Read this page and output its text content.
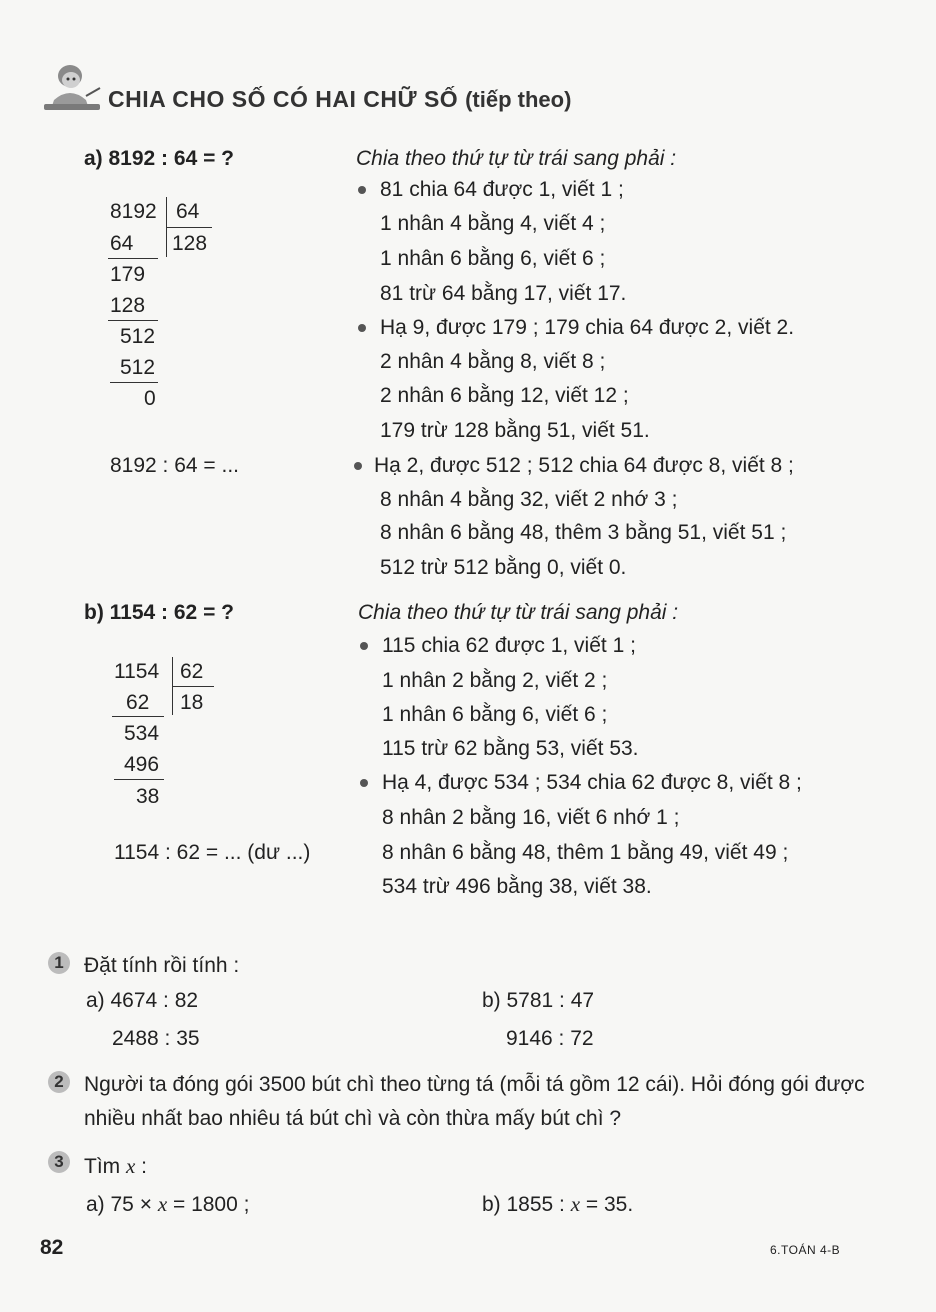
CHIA CHO SỐ CÓ HAI CHỮ SỐ (tiếp theo)
a) 8192 : 64 = ?
8192 64
128
64
179
128
512
512
0
8192 : 64 = ...
Chia theo thứ tự từ trái sang phải :
81 chia 64 được 1, viết 1 ;
1 nhân 4 bằng 4, viết 4 ;
1 nhân 6 bằng 6, viết 6 ;
81 trừ 64 bằng 17, viết 17.
Hạ 9, được 179 ; 179 chia 64 được 2, viết 2.
2 nhân 4 bằng 8, viết 8 ;
2 nhân 6 bằng 12, viết 12 ;
179 trừ 128 bằng 51, viết 51.
Hạ 2, được 512 ; 512 chia 64 được 8, viết 8 ;
8 nhân 4 bằng 32, viết 2 nhớ 3 ;
8 nhân 6 bằng 48, thêm 3 bằng 51, viết 51 ;
512 trừ 512 bằng 0, viết 0.
b) 1154 : 62 = ?
1154 62
18
62
534
496
38
1154 : 62 = ... (dư ...)
Chia theo thứ tự từ trái sang phải :
115 chia 62 được 1, viết 1 ;
1 nhân 2 bằng 2, viết 2 ;
1 nhân 6 bằng 6, viết 6 ;
115 trừ 62 bằng 53, viết 53.
Hạ 4, được 534 ; 534 chia 62 được 8, viết 8 ;
8 nhân 2 bằng 16, viết 6 nhớ 1 ;
8 nhân 6 bằng 48, thêm 1 bằng 49, viết 49 ;
534 trừ 496 bằng 38, viết 38.
1 Đặt tính rồi tính :
a) 4674 : 82
2488 : 35
b) 5781 : 47
9146 : 72
2 Người ta đóng gói 3500 bút chì theo từng tá (mỗi tá gồm 12 cái). Hỏi đóng gói được
nhiều nhất bao nhiêu tá bút chì và còn thừa mấy bút chì ?
3 Tìm x :
a) 75 × x = 1800 ;	b) 1855 : x = 35.
82	6.TOÁN 4-B
